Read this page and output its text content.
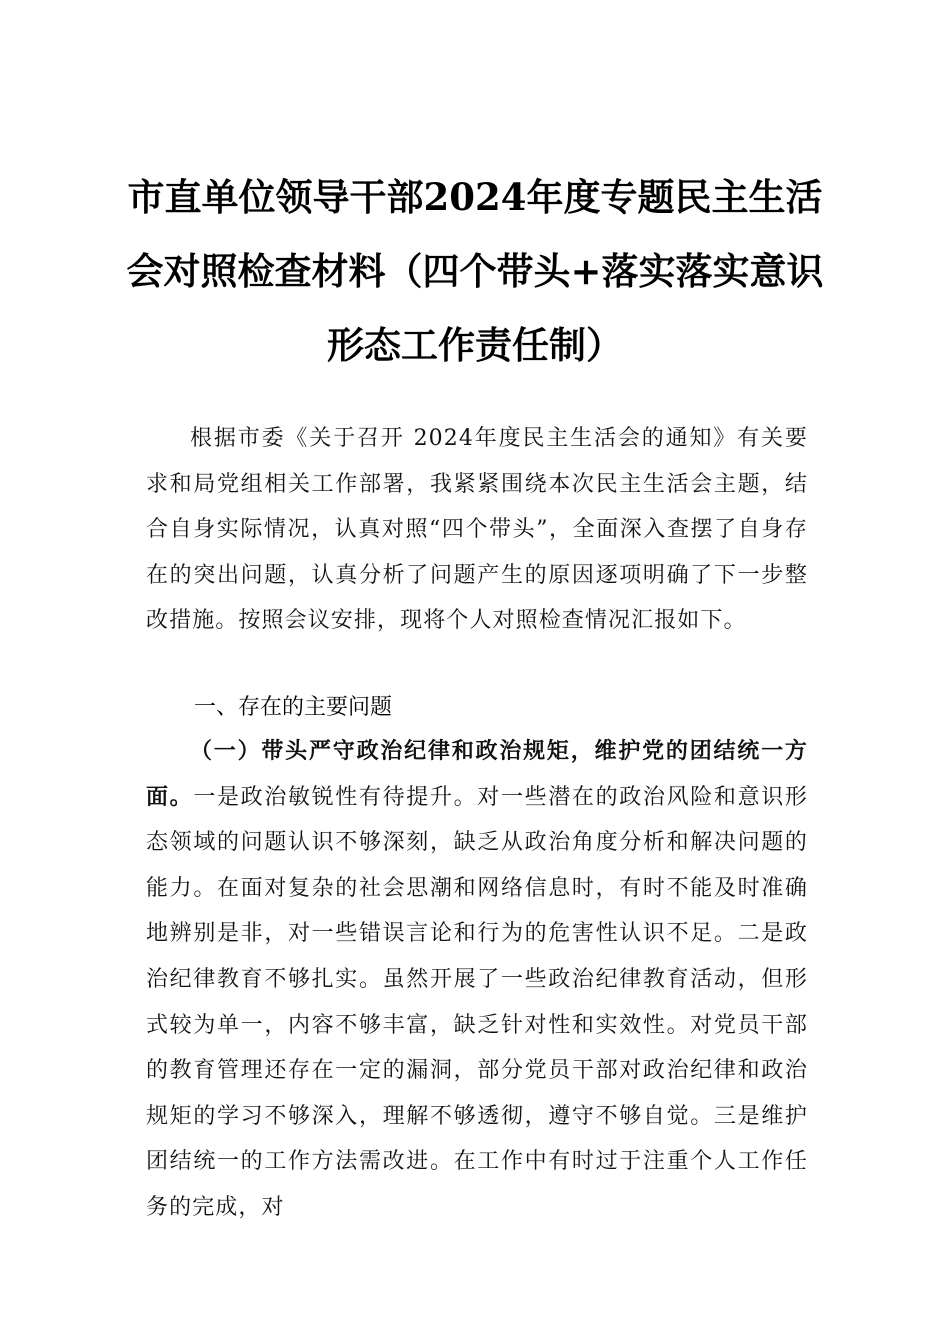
市直单位领导干部2024年度专题民主生活
会对照检查材料（四个带头+落实落实意识
形态工作责任制）

根据市委《关于召开 2024年度民主生活会的通知》有关要求和局党组相关工作部署，我紧紧围绕本次民主生活会主题，结合自身实际情况，认真对照“四个带头”，全面深入查摆了自身存在的突出问题，认真分析了问题产生的原因逐项明确了下一步整改措施。按照会议安排，现将个人对照检查情况汇报如下。

一、存在的主要问题

（一）带头严守政治纪律和政治规矩，维护党的团结统一方面。一是政治敏锐性有待提升。对一些潜在的政治风险和意识形态领域的问题认识不够深刻，缺乏从政治角度分析和解决问题的能力。在面对复杂的社会思潮和网络信息时，有时不能及时准确地辨别是非，对一些错误言论和行为的危害性认识不足。二是政治纪律教育不够扎实。虽然开展了一些政治纪律教育活动，但形式较为单一，内容不够丰富，缺乏针对性和实效性。对党员干部的教育管理还存在一定的漏洞，部分党员干部对政治纪律和政治规矩的学习不够深入，理解不够透彻，遵守不够自觉。三是维护团结统一的工作方法需改进。在工作中有时过于注重个人工作任务的完成，对
